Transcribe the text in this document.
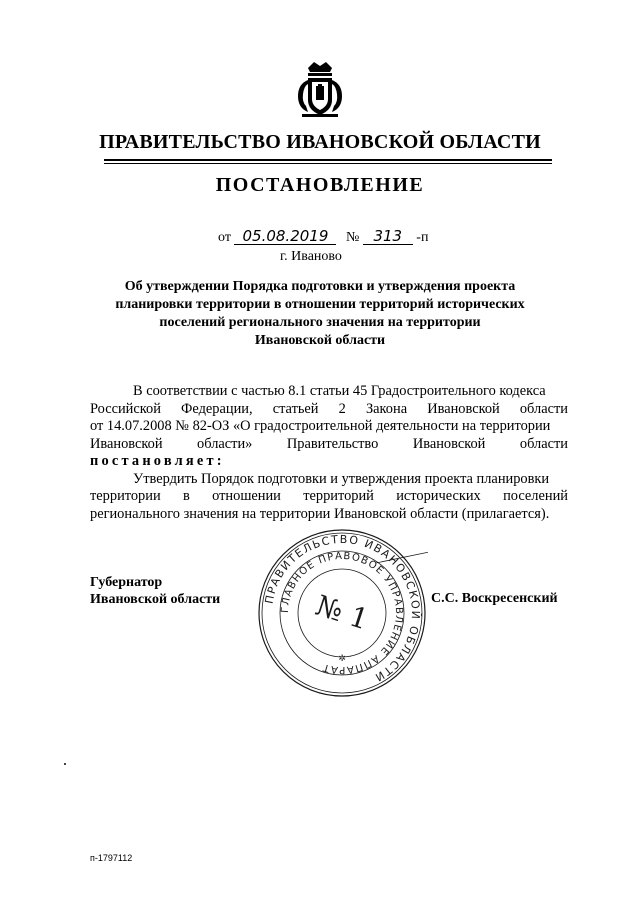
ПРАВИТЕЛЬСТВО ИВАНОВСКОЙ ОБЛАСТИ
ПОСТАНОВЛЕНИЕ
от 05.08.2019 № 313 -п
г. Иваново
Об утверждении Порядка подготовки и утверждения проекта
планировки территории в отношении территорий исторических
поселений регионального значения на территории
Ивановской области
В соответствии с частью 8.1 статьи 45 Градостроительного кодекса
Российской Федерации, статьей 2 Закона Ивановской области
от 14.07.2008 № 82-ОЗ «О градостроительной деятельности на территории
Ивановской области» Правительство Ивановской области
постановляет:
Утвердить Порядок подготовки и утверждения проекта планировки
территории в отношении территорий исторических поселений
регионального значения на территории Ивановской области (прилагается).
ПРАВИТЕЛЬСТВО ИВАНОВСКОЙ ОБЛАСТИ
ГЛАВНОЕ ПРАВОВОЕ УПРАВЛЕНИЕ АППАРАТ
№ 1
✲
Губернатор
Ивановской области	С.С. Воскресенский
п-1797112
